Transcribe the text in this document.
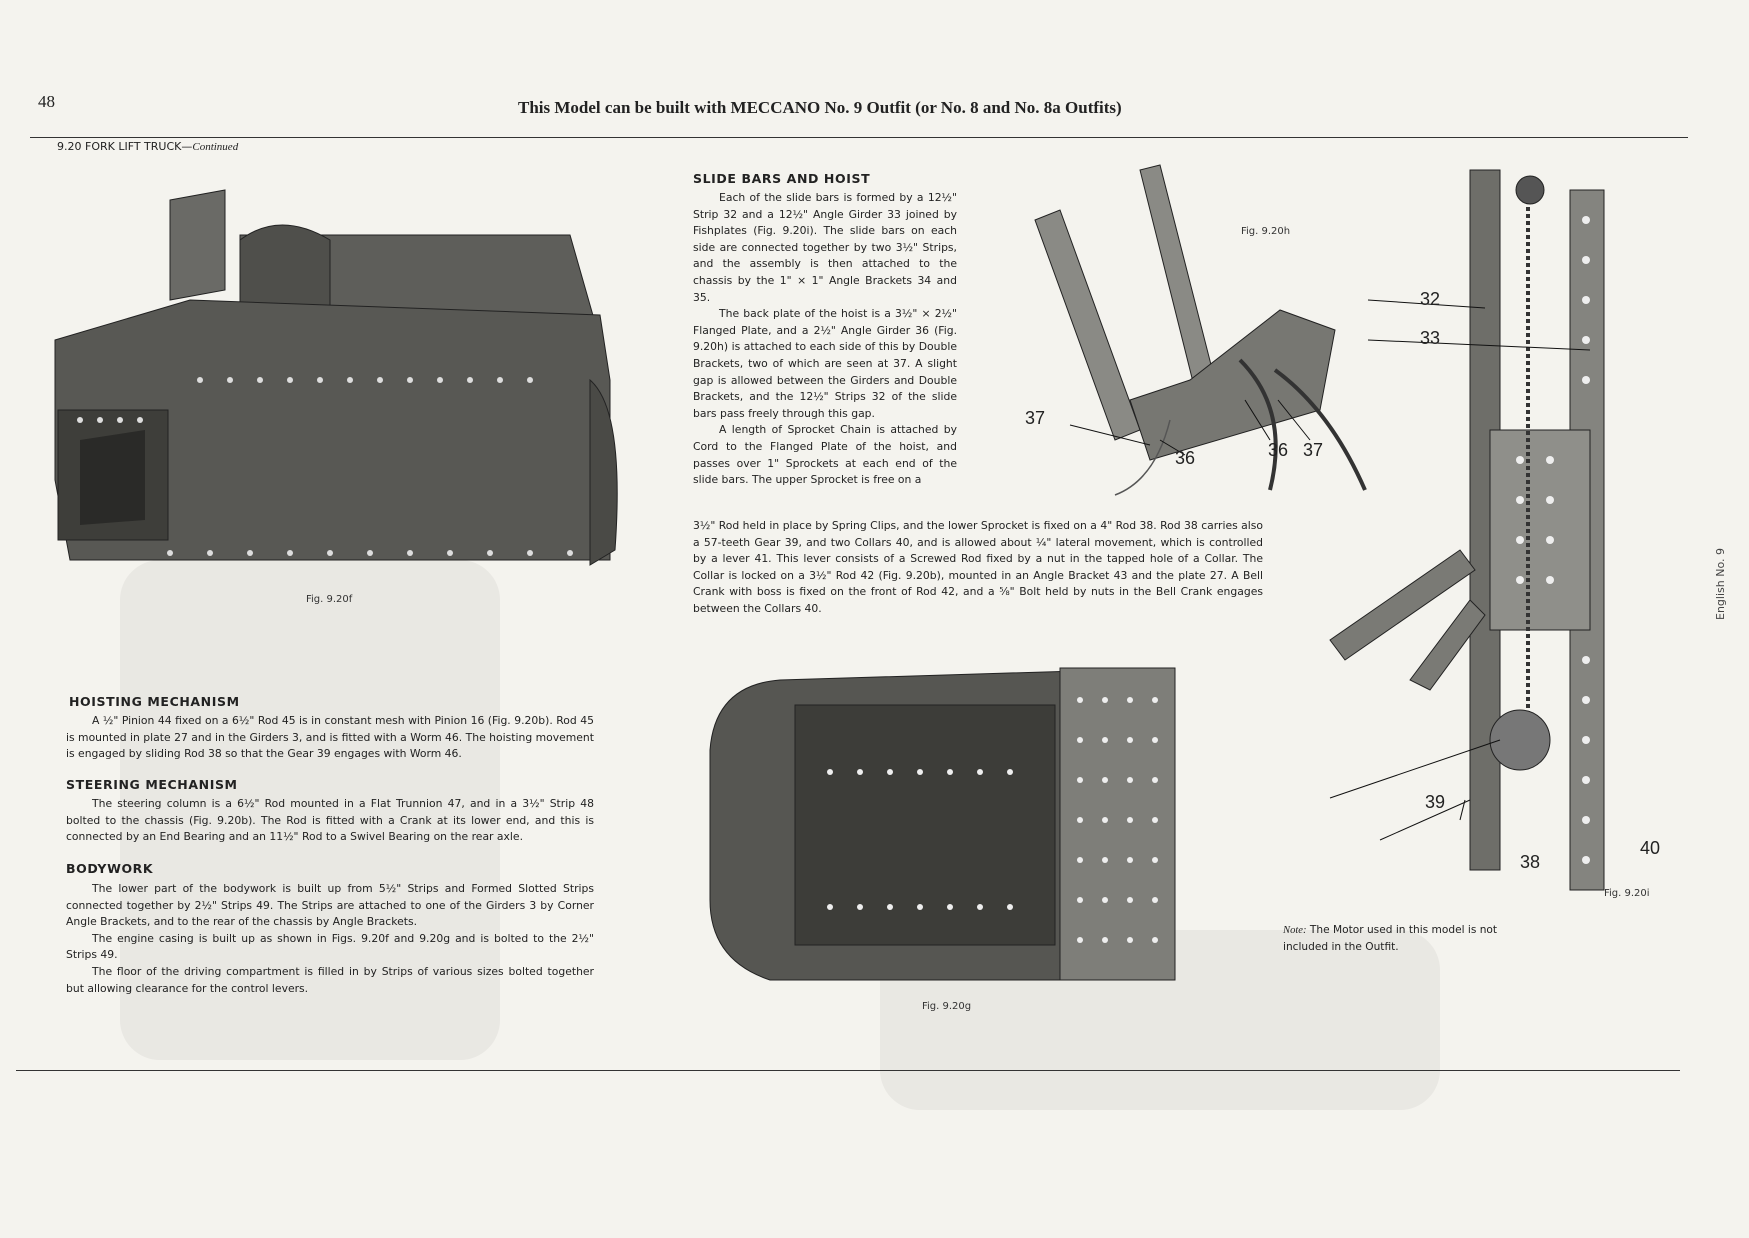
48	This Model can be built with MECCANO No. 9 Outfit (or No. 8 and No. 8a Outfits)
9.20 FORK LIFT TRUCK—Continued
English No. 9
Fig. 9.20f
SLIDE BARS AND HOIST

Each of the slide bars is formed by a 12½" Strip 32 and a 12½" Angle Girder 33 joined by Fishplates (Fig. 9.20i). The slide bars on each side are connected together by two 3½" Strips, and the assembly is then attached to the chassis by the 1" × 1" Angle Brackets 34 and 35.

The back plate of the hoist is a 3½" × 2½" Flanged Plate, and a 2½" Angle Girder 36 (Fig. 9.20h) is attached to each side of this by Double Brackets, two of which are seen at 37. A slight gap is allowed between the Girders and Double Brackets, and the 12½" Strips 32 of the slide bars pass freely through this gap.

A length of Sprocket Chain is attached by Cord to the Flanged Plate of the hoist, and passes over 1" Sprockets at each end of the slide bars. The upper Sprocket is free on a

3½" Rod held in place by Spring Clips, and the lower Sprocket is fixed on a 4" Rod 38. Rod 38 carries also a 57-teeth Gear 39, and two Collars 40, and is allowed about ¼" lateral movement, which is controlled by a lever 41. This lever consists of a Screwed Rod fixed by a nut in the tapped hole of a Collar. The Collar is locked on a 3½" Rod 42 (Fig. 9.20b), mounted in an Angle Bracket 43 and the plate 27. A Bell Crank with boss is fixed on the front of Rod 42, and a ⅝" Bolt held by nuts in the Bell Crank engages between the Collars 40.
Fig. 9.20h
37
36	36 37
32
33
39
38
40
Fig. 9.20i
Fig. 9.20g
HOISTING MECHANISM

A ½" Pinion 44 fixed on a 6½" Rod 45 is in constant mesh with Pinion 16 (Fig. 9.20b). Rod 45 is mounted in plate 27 and in the Girders 3, and is fitted with a Worm 46. The hoisting movement is engaged by sliding Rod 38 so that the Gear 39 engages with Worm 46.

STEERING MECHANISM

The steering column is a 6½" Rod mounted in a Flat Trunnion 47, and in a 3½" Strip 48 bolted to the chassis (Fig. 9.20b). The Rod is fitted with a Crank at its lower end, and this is connected by an End Bearing and an 11½" Rod to a Swivel Bearing on the rear axle.

BODYWORK

The lower part of the bodywork is built up from 5½" Strips and Formed Slotted Strips connected together by 2½" Strips 49. The Strips are attached to one of the Girders 3 by Corner Angle Brackets, and to the rear of the chassis by Angle Brackets.

The engine casing is built up as shown in Figs. 9.20f and 9.20g and is bolted to the 2½" Strips 49.

The floor of the driving compartment is filled in by Strips of various sizes bolted together but allowing clearance for the control levers.

Note: The Motor used in this model is not included in the Outfit.
